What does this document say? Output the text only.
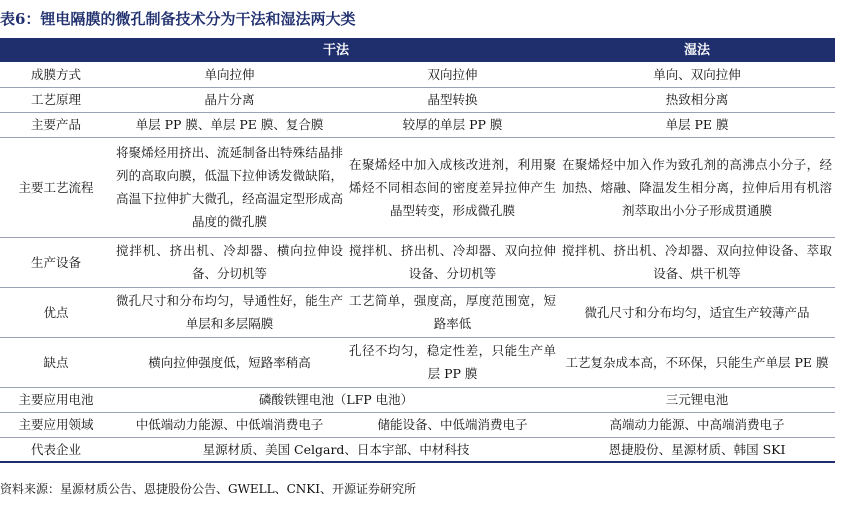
表6：锂电隔膜的微孔制备技术分为干法和湿法两大类
	干法		湿法
成膜方式	单向拉伸	双向拉伸	单向、双向拉伸
工艺原理	晶片分离	晶型转换	热致相分离
主要产品	单层 PP 膜、单层 PE 膜、复合膜	较厚的单层 PP 膜	单层 PE 膜
主要工艺流程	将聚烯烃用挤出、流延制备出特殊结晶排列的高取向膜，低温下拉伸诱发微缺陷，高温下拉伸扩大微孔，经高温定型形成高晶度的微孔膜	在聚烯烃中加入成核改进剂，利用聚烯烃不同相态间的密度差异拉伸产生晶型转变，形成微孔膜	在聚烯烃中加入作为致孔剂的高沸点小分子，经加热、熔融、降温发生相分离，拉伸后用有机溶剂萃取出小分子形成贯通膜
生产设备	搅拌机、挤出机、冷却器、横向拉伸设备、分切机等	搅拌机、挤出机、冷却器、双向拉伸设备、分切机等	搅拌机、挤出机、冷却器、双向拉伸设备、萃取设备、烘干机等
优点	微孔尺寸和分布均匀，导通性好，能生产单层和多层隔膜	工艺简单，强度高，厚度范围宽，短路率低	微孔尺寸和分布均匀，适宜生产较薄产品
缺点	横向拉伸强度低，短路率稍高	孔径不均匀，稳定性差，只能生产单层 PP 膜	工艺复杂成本高，不环保，只能生产单层 PE 膜
主要应用电池	磷酸铁锂电池（LFP 电池）		三元锂电池
主要应用领域	中低端动力能源、中低端消费电子	储能设备、中低端消费电子	高端动力能源、中高端消费电子
代表企业	星源材质、美国 Celgard、日本宇部、中材科技		恩捷股份、星源材质、韩国 SKI
资料来源：星源材质公告、恩捷股份公告、GWELL、CNKI、开源证券研究所
